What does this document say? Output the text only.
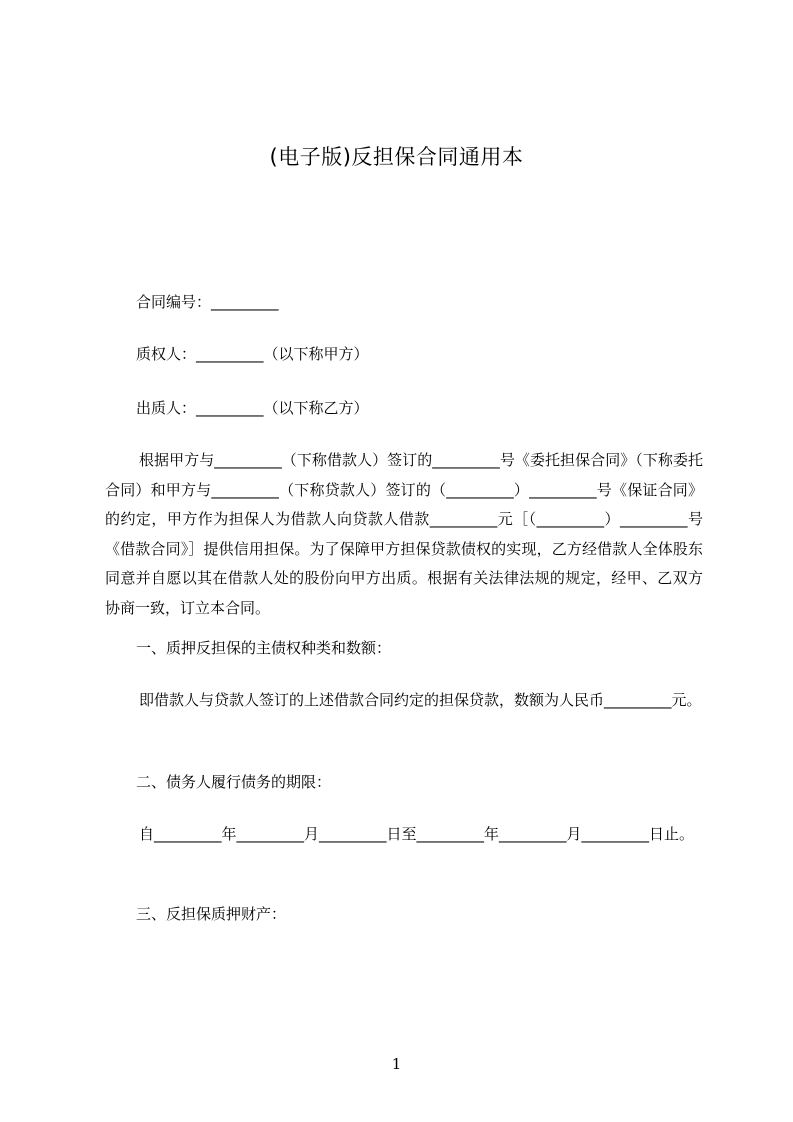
(电子版)反担保合同通用本
合同编号：_________
质权人：_________（以下称甲方）
出质人：_________（以下称乙方）
根据甲方与_________（下称借款人）签订的_________号《委托担保合同》（下称委托合同）和甲方与_________（下称贷款人）签订的（_________）_________号《保证合同》的约定，甲方作为担保人为借款人向贷款人借款_________元［（_________）_________号《借款合同》］提供信用担保。为了保障甲方担保贷款债权的实现，乙方经借款人全体股东同意并自愿以其在借款人处的股份向甲方出质。根据有关法律法规的规定，经甲、乙双方协商一致，订立本合同。
一、质押反担保的主债权种类和数额：
即借款人与贷款人签订的上述借款合同约定的担保贷款，数额为人民币_________元。
二、债务人履行债务的期限：
自_________年_________月_________日至_________年_________月_________日止。
三、反担保质押财产：
1
